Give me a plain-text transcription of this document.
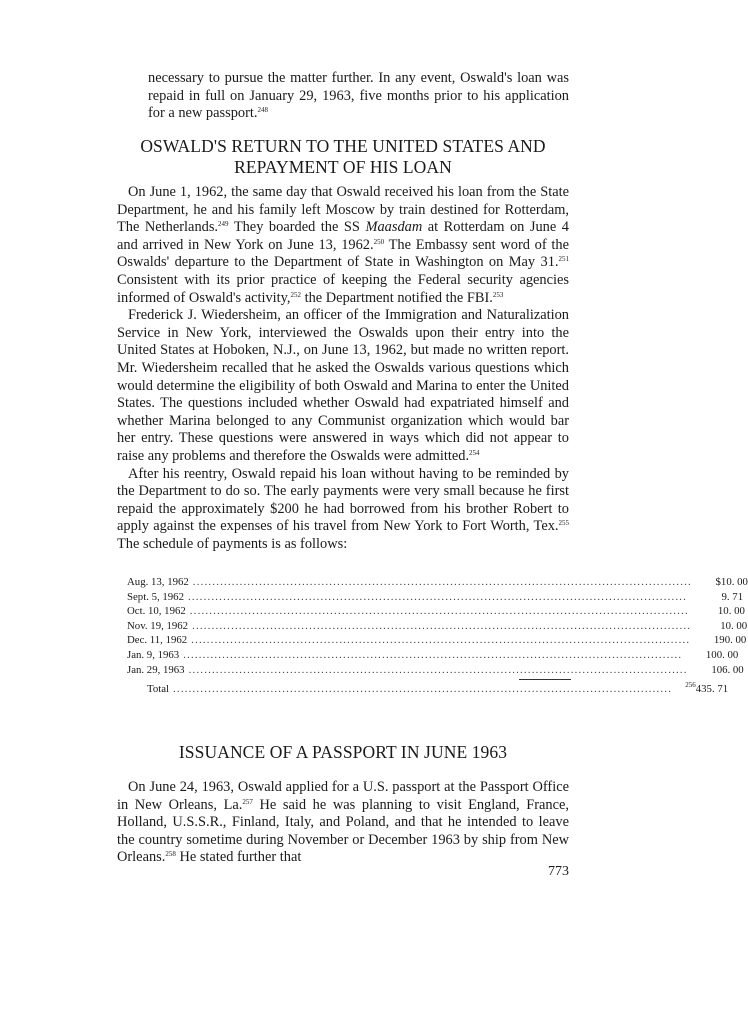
necessary to pursue the matter further. In any event, Oswald's loan was repaid in full on January 29, 1963, five months prior to his application for a new passport.$^{248}$

OSWALD'S RETURN TO THE UNITED STATES AND
REPAYMENT OF HIS LOAN

On June 1, 1962, the same day that Oswald received his loan from the State Department, he and his family left Moscow by train destined for Rotterdam, The Netherlands.$^{249}$ They boarded the SS Maasdam at Rotterdam on June 4 and arrived in New York on June 13, 1962.$^{250}$ The Embassy sent word of the Oswalds' departure to the Department of State in Washington on May 31.$^{251}$ Consistent with its prior practice of keeping the Federal security agencies informed of Oswald's activity,$^{252}$ the Department notified the FBI.$^{253}$

Frederick J. Wiedersheim, an officer of the Immigration and Naturalization Service in New York, interviewed the Oswalds upon their entry into the United States at Hoboken, N.J., on June 13, 1962, but made no written report. Mr. Wiedersheim recalled that he asked the Oswalds various questions which would determine the eligibility of both Oswald and Marina to enter the United States. The questions included whether Oswald had expatriated himself and whether Marina belonged to any Communist organization which would bar her entry. These questions were answered in ways which did not appear to raise any problems and therefore the Oswalds were admitted.$^{254}$

After his reentry, Oswald repaid his loan without having to be reminded by the Department to do so. The early payments were very small because he first repaid the approximately $200 he had borrowed from his brother Robert to apply against the expenses of his travel from New York to Fort Worth, Tex.$^{255}$ The schedule of payments is as follows:

Aug. 13, 1962 ................................................................................................................................	$10. 00
Sept. 5, 1962 ................................................................................................................................	9. 71
Oct. 10, 1962 ................................................................................................................................	10. 00
Nov. 19, 1962 ................................................................................................................................	10. 00
Dec. 11, 1962 ................................................................................................................................	190. 00
Jan. 9, 1963 ................................................................................................................................	100. 00
Jan. 29, 1963 ................................................................................................................................	106. 00
Total ................................................................................................................................	$^{256}$435. 71
ISSUANCE OF A PASSPORT IN JUNE 1963

On June 24, 1963, Oswald applied for a U.S. passport at the Passport Office in New Orleans, La.$^{257}$ He said he was planning to visit England, France, Holland, U.S.S.R., Finland, Italy, and Poland, and that he intended to leave the country sometime during November or December 1963 by ship from New Orleans.$^{258}$ He stated further that

773
